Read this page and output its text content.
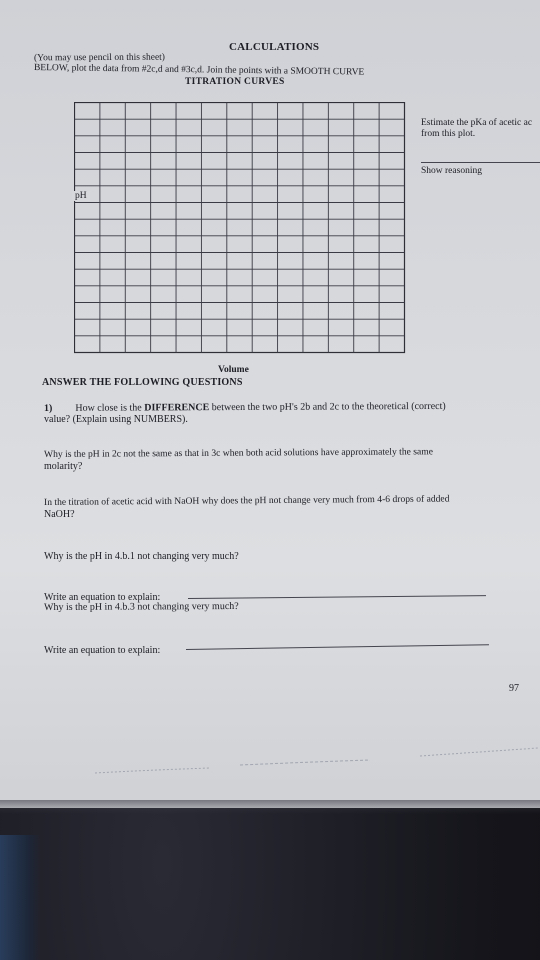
CALCULATIONS
(You may use pencil on this sheet)
BELOW, plot the data from #2c,d and #3c,d. Join the points with a SMOOTH CURVE
TITRATION CURVES
pH
Volume
Estimate the pKa of acetic ac
from this plot.
Show reasoning
ANSWER THE FOLLOWING QUESTIONS
1) How close is the DIFFERENCE between the two pH's 2b and 2c to the theoretical (correct)
value? (Explain using NUMBERS).
Why is the pH in 2c not the same as that in 3c when both acid solutions have approximately the same
molarity?
In the titration of acetic acid with NaOH why does the pH not change very much from 4-6 drops of added
NaOH?
Why is the pH in 4.b.1 not changing very much?
Write an equation to explain:
Why is the pH in 4.b.3 not changing very much?
Write an equation to explain:
97
